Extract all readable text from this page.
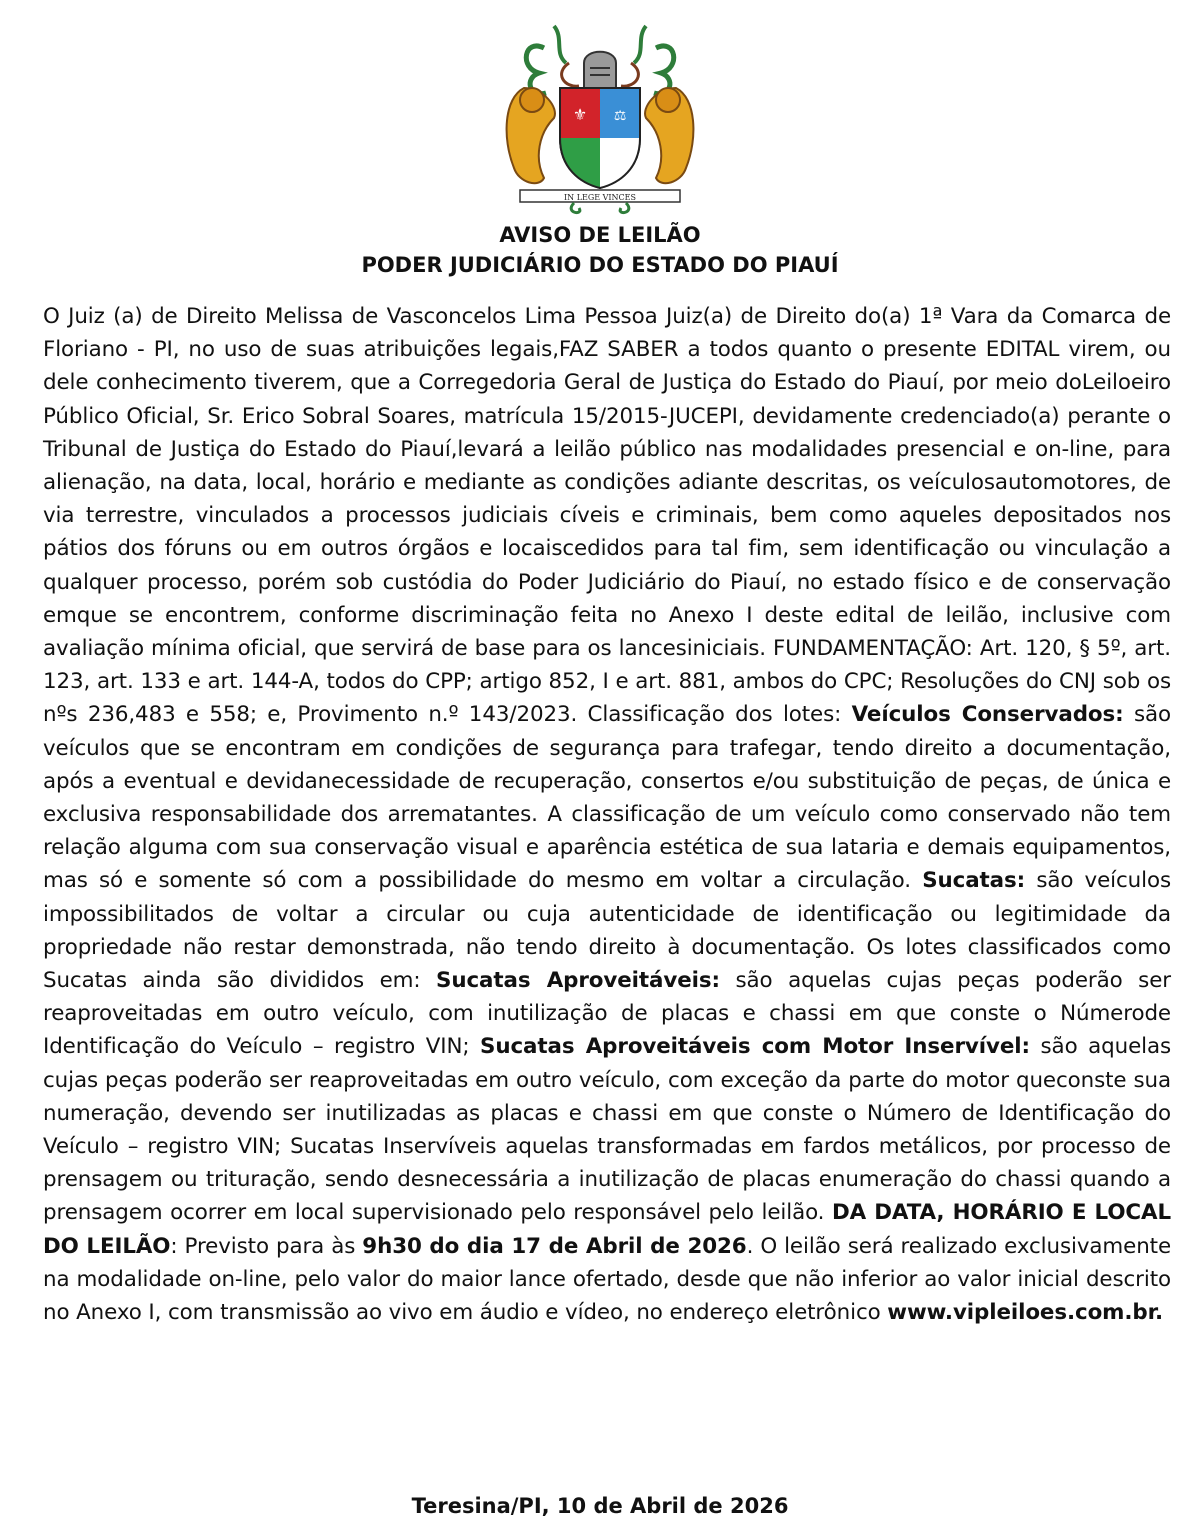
⚜ ⚖
IN LEGE VINCES
AVISO DE LEILÃO
PODER JUDICIÁRIO DO ESTADO DO PIAUÍ
O Juiz (a) de Direito Melissa de Vasconcelos Lima Pessoa Juiz(a) de Direito do(a) 1ª Vara da Comarca de Floriano - PI, no uso de suas atribuições legais,FAZ SABER a todos quanto o presente EDITAL virem, ou dele conhecimento tiverem, que a Corregedoria Geral de Justiça do Estado do Piauí, por meio doLeiloeiro Público Oficial, Sr. Erico Sobral Soares, matrícula 15/2015-JUCEPI, devidamente credenciado(a) perante o Tribunal de Justiça do Estado do Piauí,levará a leilão público nas modalidades presencial e on-line, para alienação, na data, local, horário e mediante as condições adiante descritas, os veículosautomotores, de via terrestre, vinculados a processos judiciais cíveis e criminais, bem como aqueles depositados nos pátios dos fóruns ou em outros órgãos e locaiscedidos para tal fim, sem identificação ou vinculação a qualquer processo, porém sob custódia do Poder Judiciário do Piauí, no estado físico e de conservação emque se encontrem, conforme discriminação feita no Anexo I deste edital de leilão, inclusive com avaliação mínima oficial, que servirá de base para os lancesiniciais. FUNDAMENTAÇÃO: Art. 120, § 5º, art. 123, art. 133 e art. 144-A, todos do CPP; artigo 852, I e art. 881, ambos do CPC; Resoluções do CNJ sob os nºs 236,483 e 558; e, Provimento n.º 143/2023. Classificação dos lotes: Veículos Conservados: são veículos que se encontram em condições de segurança para trafegar, tendo direito a documentação, após a eventual e devidanecessidade de recuperação, consertos e/ou substituição de peças, de única e exclusiva responsabilidade dos arrematantes. A classificação de um veículo como conservado não tem relação alguma com sua conservação visual e aparência estética de sua lataria e demais equipamentos, mas só e somente só com a possibilidade do mesmo em voltar a circulação. Sucatas: são veículos impossibilitados de voltar a circular ou cuja autenticidade de identificação ou legitimidade da propriedade não restar demonstrada, não tendo direito à documentação. Os lotes classificados como Sucatas ainda são divididos em: Sucatas Aproveitáveis: são aquelas cujas peças poderão ser reaproveitadas em outro veículo, com inutilização de placas e chassi em que conste o Númerode Identificação do Veículo – registro VIN; Sucatas Aproveitáveis com Motor Inservível: são aquelas cujas peças poderão ser reaproveitadas em outro veículo, com exceção da parte do motor queconste sua numeração, devendo ser inutilizadas as placas e chassi em que conste o Número de Identificação do Veículo – registro VIN; Sucatas Inservíveis aquelas transformadas em fardos metálicos, por processo de prensagem ou trituração, sendo desnecessária a inutilização de placas enumeração do chassi quando a prensagem ocorrer em local supervisionado pelo responsável pelo leilão. DA DATA, HORÁRIO E LOCAL DO LEILÃO: Previsto para às 9h30 do dia 17 de Abril de 2026. O leilão será realizado exclusivamente na modalidade on-line, pelo valor do maior lance ofertado, desde que não inferior ao valor inicial descrito no Anexo I, com transmissão ao vivo em áudio e vídeo, no endereço eletrônico www.vipleiloes.com.br.
Teresina/PI, 10 de Abril de 2026
